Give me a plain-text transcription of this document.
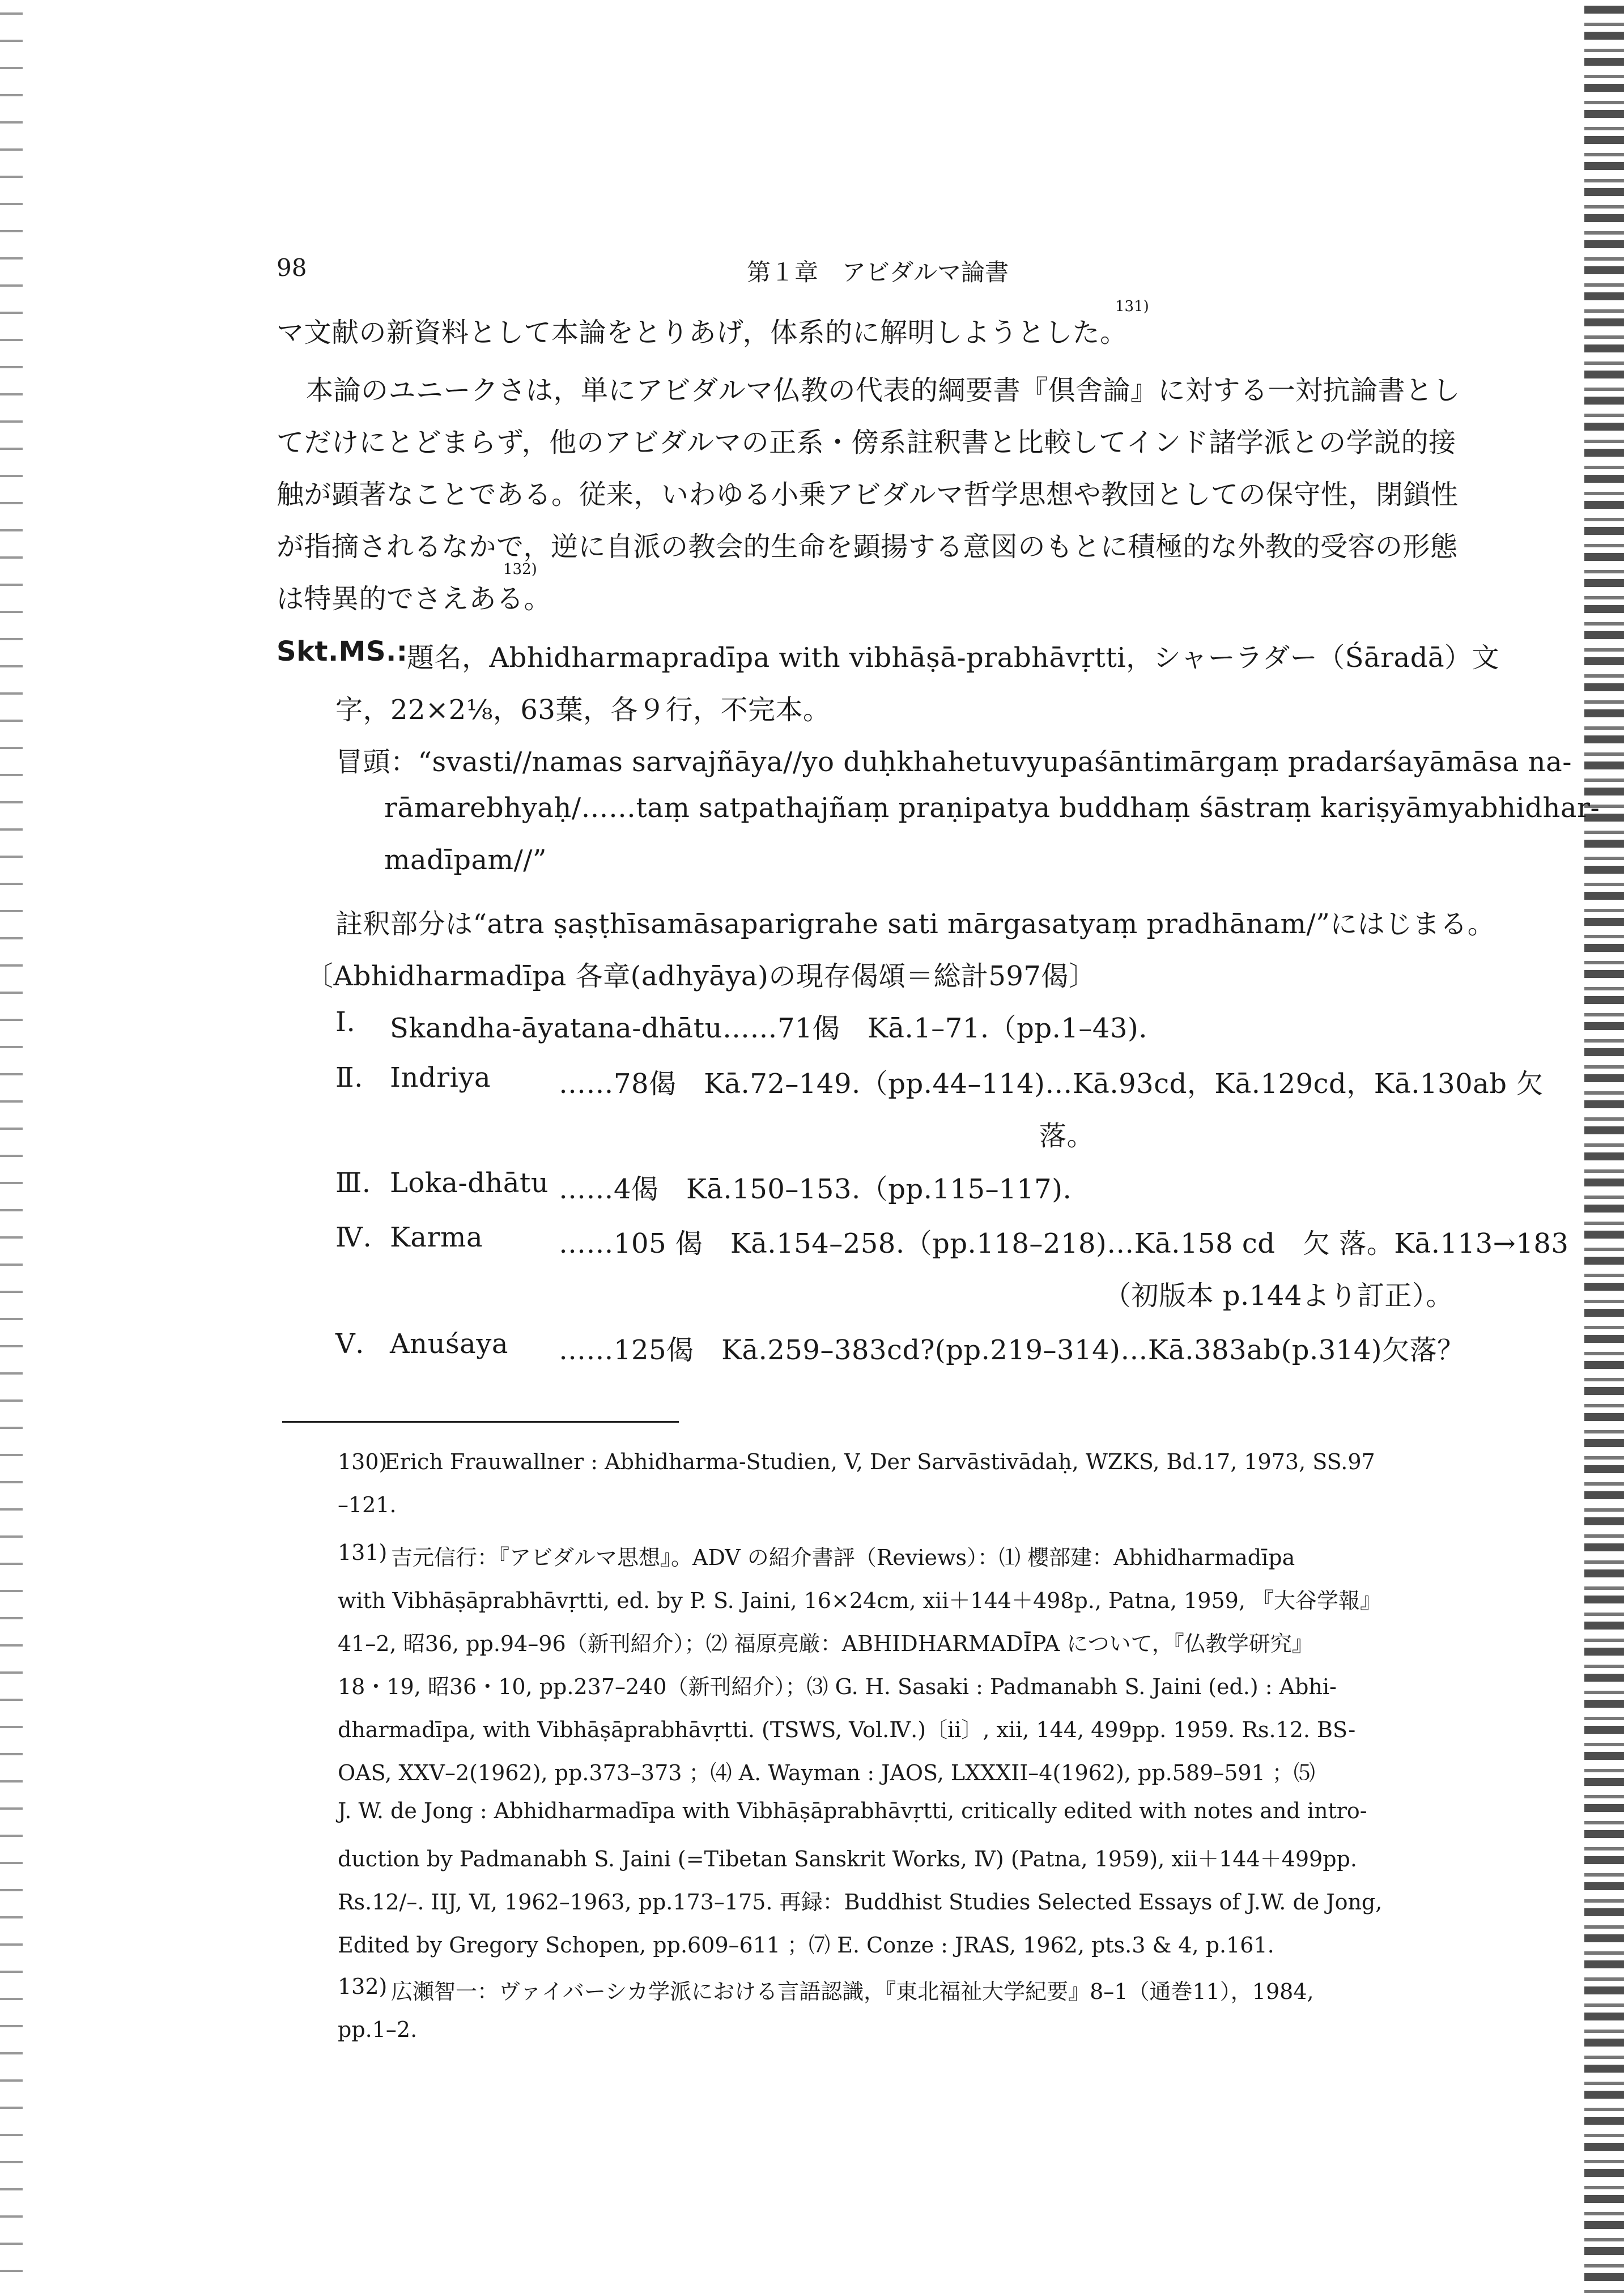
98	第１章　アビダルマ論書
マ文献の新資料として本論をとりあげ，体系的に解明しようとした。
131)
本論のユニークさは，単にアビダルマ仏教の代表的綱要書『倶舎論』に対する一対抗論書とし
てだけにとどまらず，他のアビダルマの正系・傍系註釈書と比較してインド諸学派との学説的接
触が顕著なことである。従来，いわゆる小乗アビダルマ哲学思想や教団としての保守性，閉鎖性
が指摘されるなかで，逆に自派の教会的生命を顕揚する意図のもとに積極的な外教的受容の形態
は特異的でさえある。
132)
Skt.MS.:
題名，Abhidharmapradīpa with vibhāṣā-prabhāvṛtti，シャーラダー（Śāradā）文
字，22×2⅛，63葉，各９行，不完本。
冒頭：“svasti//namas sarvajñāya//yo duḥkhahetuvyupaśāntimārgaṃ pradarśayāmāsa na-
rāmarebhyaḥ/……taṃ satpathajñaṃ praṇipatya buddhaṃ śāstraṃ kariṣyāmyabhidhar-
madīpam//”
註釈部分は“atra ṣaṣṭhīsamāsaparigrahe sati mārgasatyaṃ pradhānam/”にはじまる。
〔Abhidharmadīpa 各章(adhyāya)の現存偈頌＝総計597偈〕
Ⅰ. Skandha-āyatana-dhātu……71偈　Kā.1–71.（pp.1–43).
Ⅱ. Indriya ……78偈　Kā.72–149.（pp.44–114)…Kā.93cd，Kā.129cd，Kā.130ab 欠
落。
Ⅲ. Loka-dhātu ……4偈　Kā.150–153.（pp.115–117).
Ⅳ. Karma	……105 偈　Kā.154–258.（pp.118–218)…Kā.158 cd　欠 落。Kā.113→183
（初版本 p.144より訂正）。
Ⅴ. Anuśaya ……125偈　Kā.259–383cd?(pp.219–314)…Kā.383ab(p.314)欠落？
130)
Erich Frauwallner : Abhidharma-Studien, V, Der Sarvāstivādaḥ, WZKS, Bd.17, 1973, SS.97
–121.
131) 吉元信行：『アビダルマ思想』。ADV の紹介書評（Reviews）：⑴ 櫻部建：Abhidharmadīpa
with Vibhāṣāprabhāvṛtti, ed. by P. S. Jaini, 16×24cm, xii＋144＋498p., Patna, 1959, 『大谷学報』
41–2, 昭36, pp.94–96（新刊紹介）；⑵ 福原亮厳：ABHIDHARMADĪPA について，『仏教学研究』
18・19, 昭36・10, pp.237–240（新刊紹介）；⑶ G. H. Sasaki : Padmanabh S. Jaini (ed.) : Abhi-
dharmadīpa, with Vibhāṣāprabhāvṛtti. (TSWS, Vol.Ⅳ.)〔ii〕, xii, 144, 499pp. 1959. Rs.12. BS-
OAS, XXV–2(1962), pp.373–373 ；⑷ A. Wayman : JAOS, LXXXII–4(1962), pp.589–591 ；⑸
J. W. de Jong : Abhidharmadīpa with Vibhāṣāprabhāvṛtti, critically edited with notes and intro-
duction by Padmanabh S. Jaini (=Tibetan Sanskrit Works, Ⅳ) (Patna, 1959), xii＋144＋499pp.
Rs.12/–. IIJ, Ⅵ, 1962–1963, pp.173–175. 再録：Buddhist Studies Selected Essays of J.W. de Jong,
Edited by Gregory Schopen, pp.609–611 ；⑺ E. Conze : JRAS, 1962, pts.3 & 4, p.161.
132) 広瀬智一：ヴァイバーシカ学派における言語認識，『東北福祉大学紀要』8–1（通巻11），1984,
pp.1–2.
